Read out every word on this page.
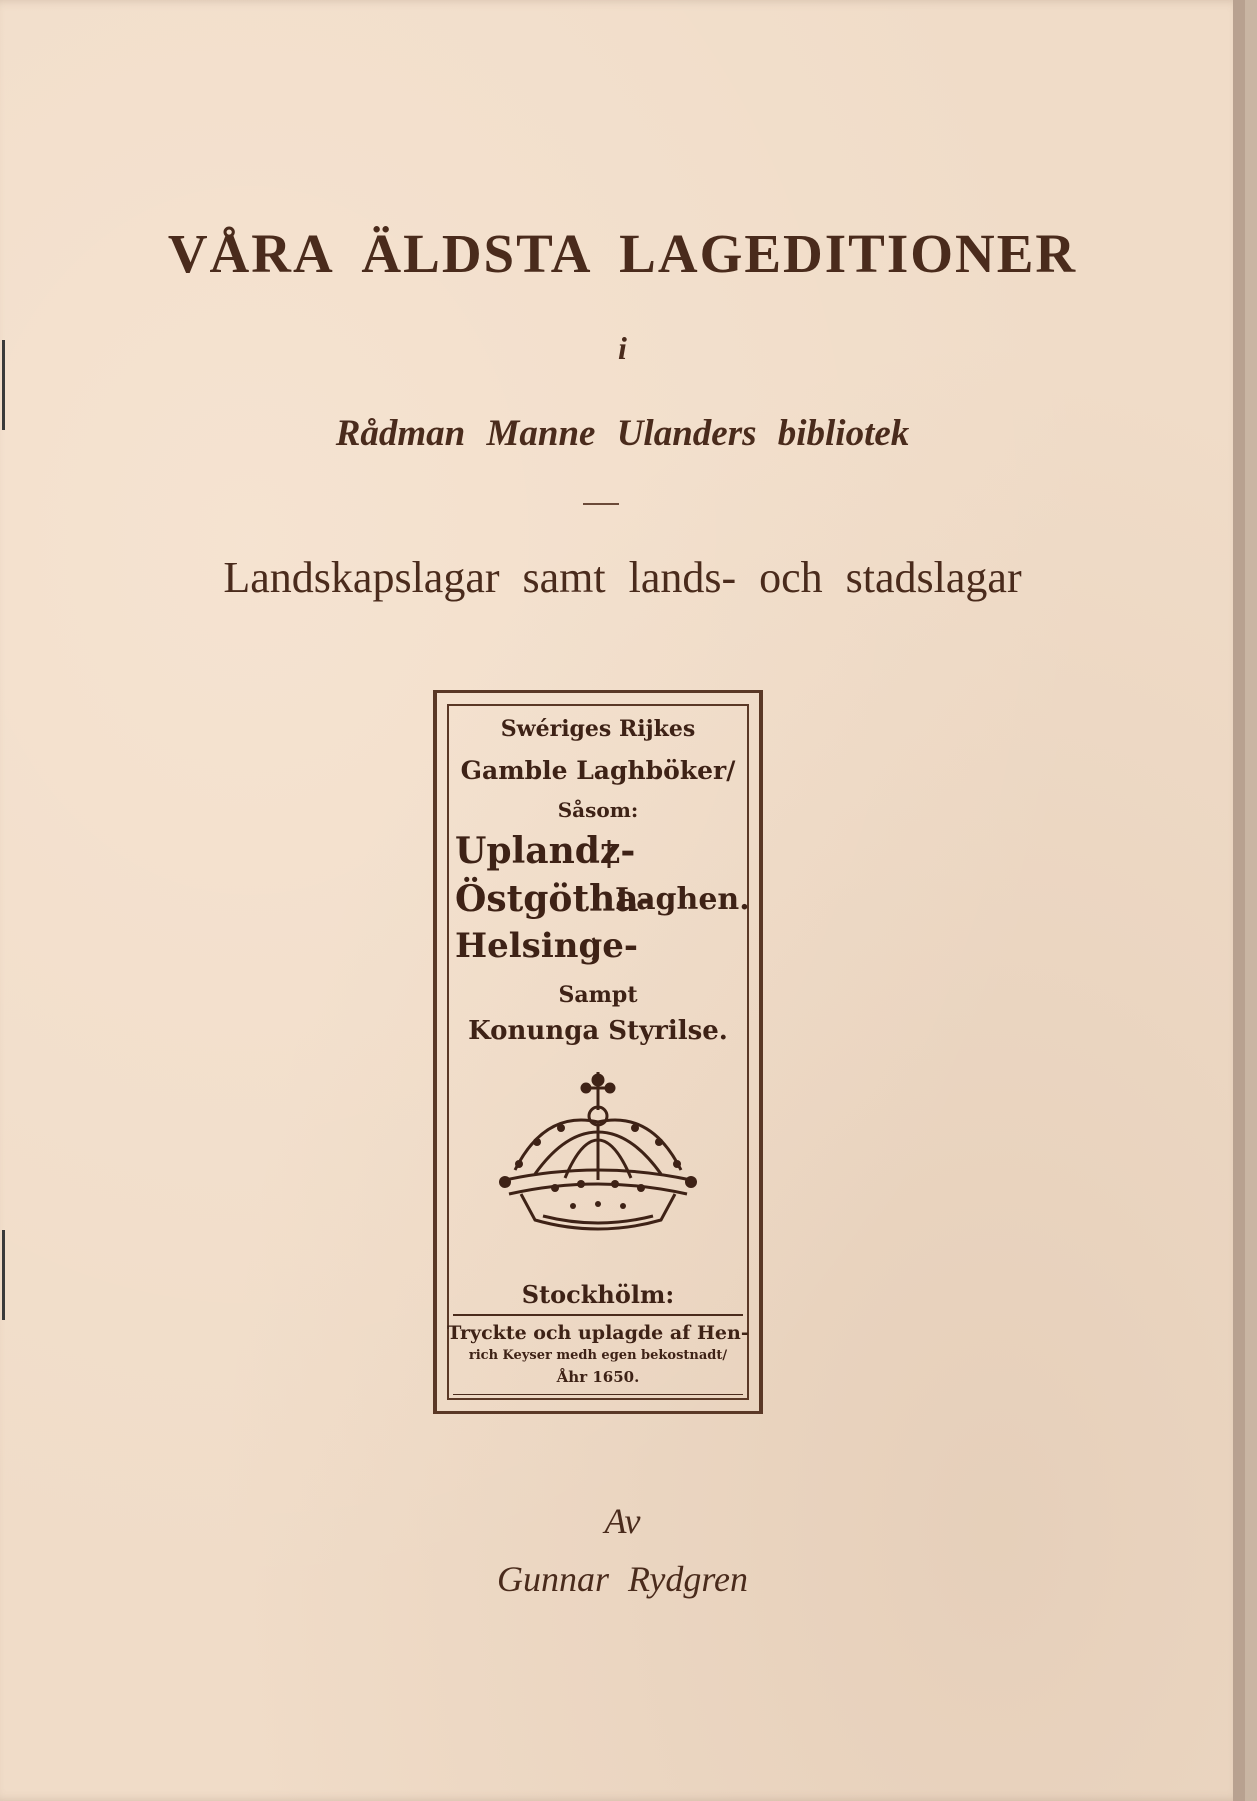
VÅRA ÄLDSTA LAGEDITIONER
i
Rådman Manne Ulanders bibliotek
Landskapslagar samt lands- och stadslagar
Swériges Rijkes
Gamble Laghböker/
Såsom:
Uplandz-
Östgötha-
Laghen.
Helsinge-
Sampt
Konunga Styrilse.
Stockhölm:
Tryckte och uplagde af Hen-
rich Keyser medh egen bekostnadt/
Åhr 1650.
Av
Gunnar Rydgren
